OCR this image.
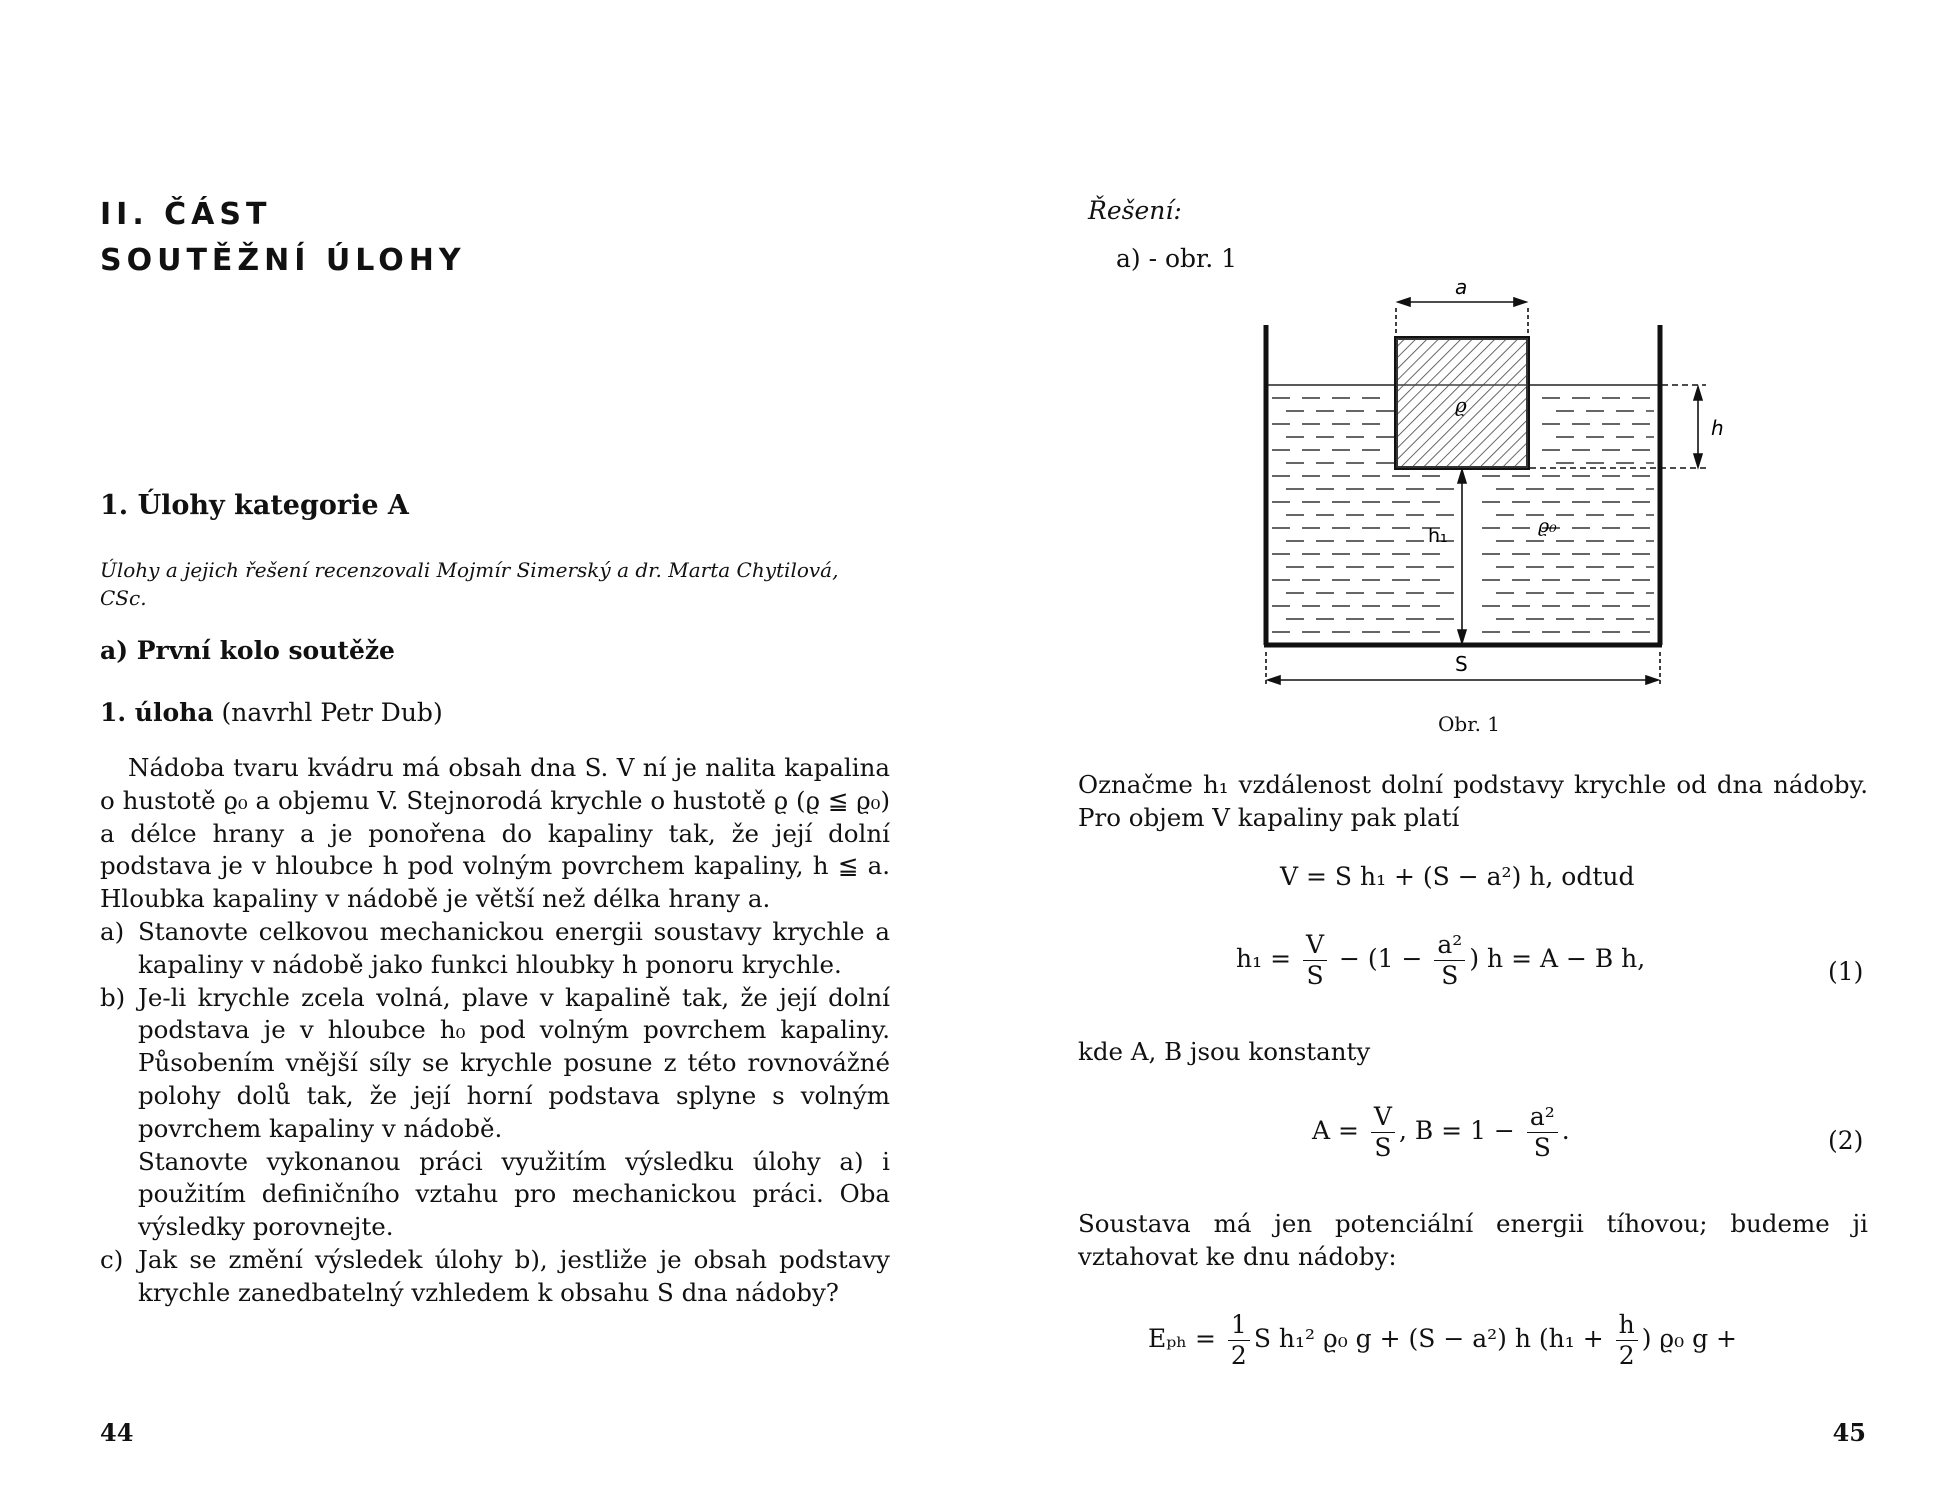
II. ČÁST
SOUTĚŽNÍ ÚLOHY
1. Úlohy kategorie A
Úlohy a jejich řešení recenzovali Mojmír Simerský a dr. Marta Chytilová, CSc.
a) První kolo soutěže
1. úloha (navrhl Petr Dub)

Nádoba tvaru kvádru má obsah dna S. V ní je nalita kapalina o hustotě ϱ₀ a objemu V. Stejnorodá krychle o hustotě ϱ (ϱ ≦ ϱ₀) a délce hrany a je ponořena do kapaliny tak, že její dolní podstava je v hloubce h pod volným povrchem kapaliny, h ≦ a. Hloubka kapaliny v nádobě je větší než délka hrany a.

a) Stanovte celkovou mechanickou energii soustavy krychle a kapaliny v nádobě jako funkci hloubky h ponoru krychle.
b) Je-li krychle zcela volná, plave v kapalině tak, že její dolní podstava je v hloubce h₀ pod volným povrchem kapaliny. Působením vnější síly se krychle posune z této rovnovážné polohy dolů tak, že její horní podstava splyne s volným povrchem kapaliny v nádobě.
Stanovte vykonanou práci využitím výsledku úlohy a) i použitím definičního vztahu pro mechanickou práci. Oba výsledky porovnejte.
c) Jak se změní výsledek úlohy b), jestliže je obsah podstavy krychle zanedbatelný vzhledem k obsahu S dna nádoby?
44
Řešení:
a) - obr. 1
a
h
ϱ
h₁	ϱ₀
S
Obr. 1
Označme h₁ vzdálenost dolní podstavy krychle od dna nádoby. Pro objem V kapaliny pak platí
V = S h₁ + (S − a²) h, odtud
$h_1 = \frac{V}{S} - (1 - \frac{\text{a²}}{S}$ ) h = A − B h,	(1)
kde A, B jsou konstanty
$A = \frac{V}{S}$ , $B = 1 - \frac{\text{a²}}{S}$ .	(2)
Soustava má jen potenciální energii tíhovou; budeme ji vztahovat ke dnu nádoby:
$E_{ph} = \frac{1}{2}$ S h₁² ϱ₀ g + (S − a²) h ($h_1 + \frac{h}{2}$ ) ϱ₀ g +
45
